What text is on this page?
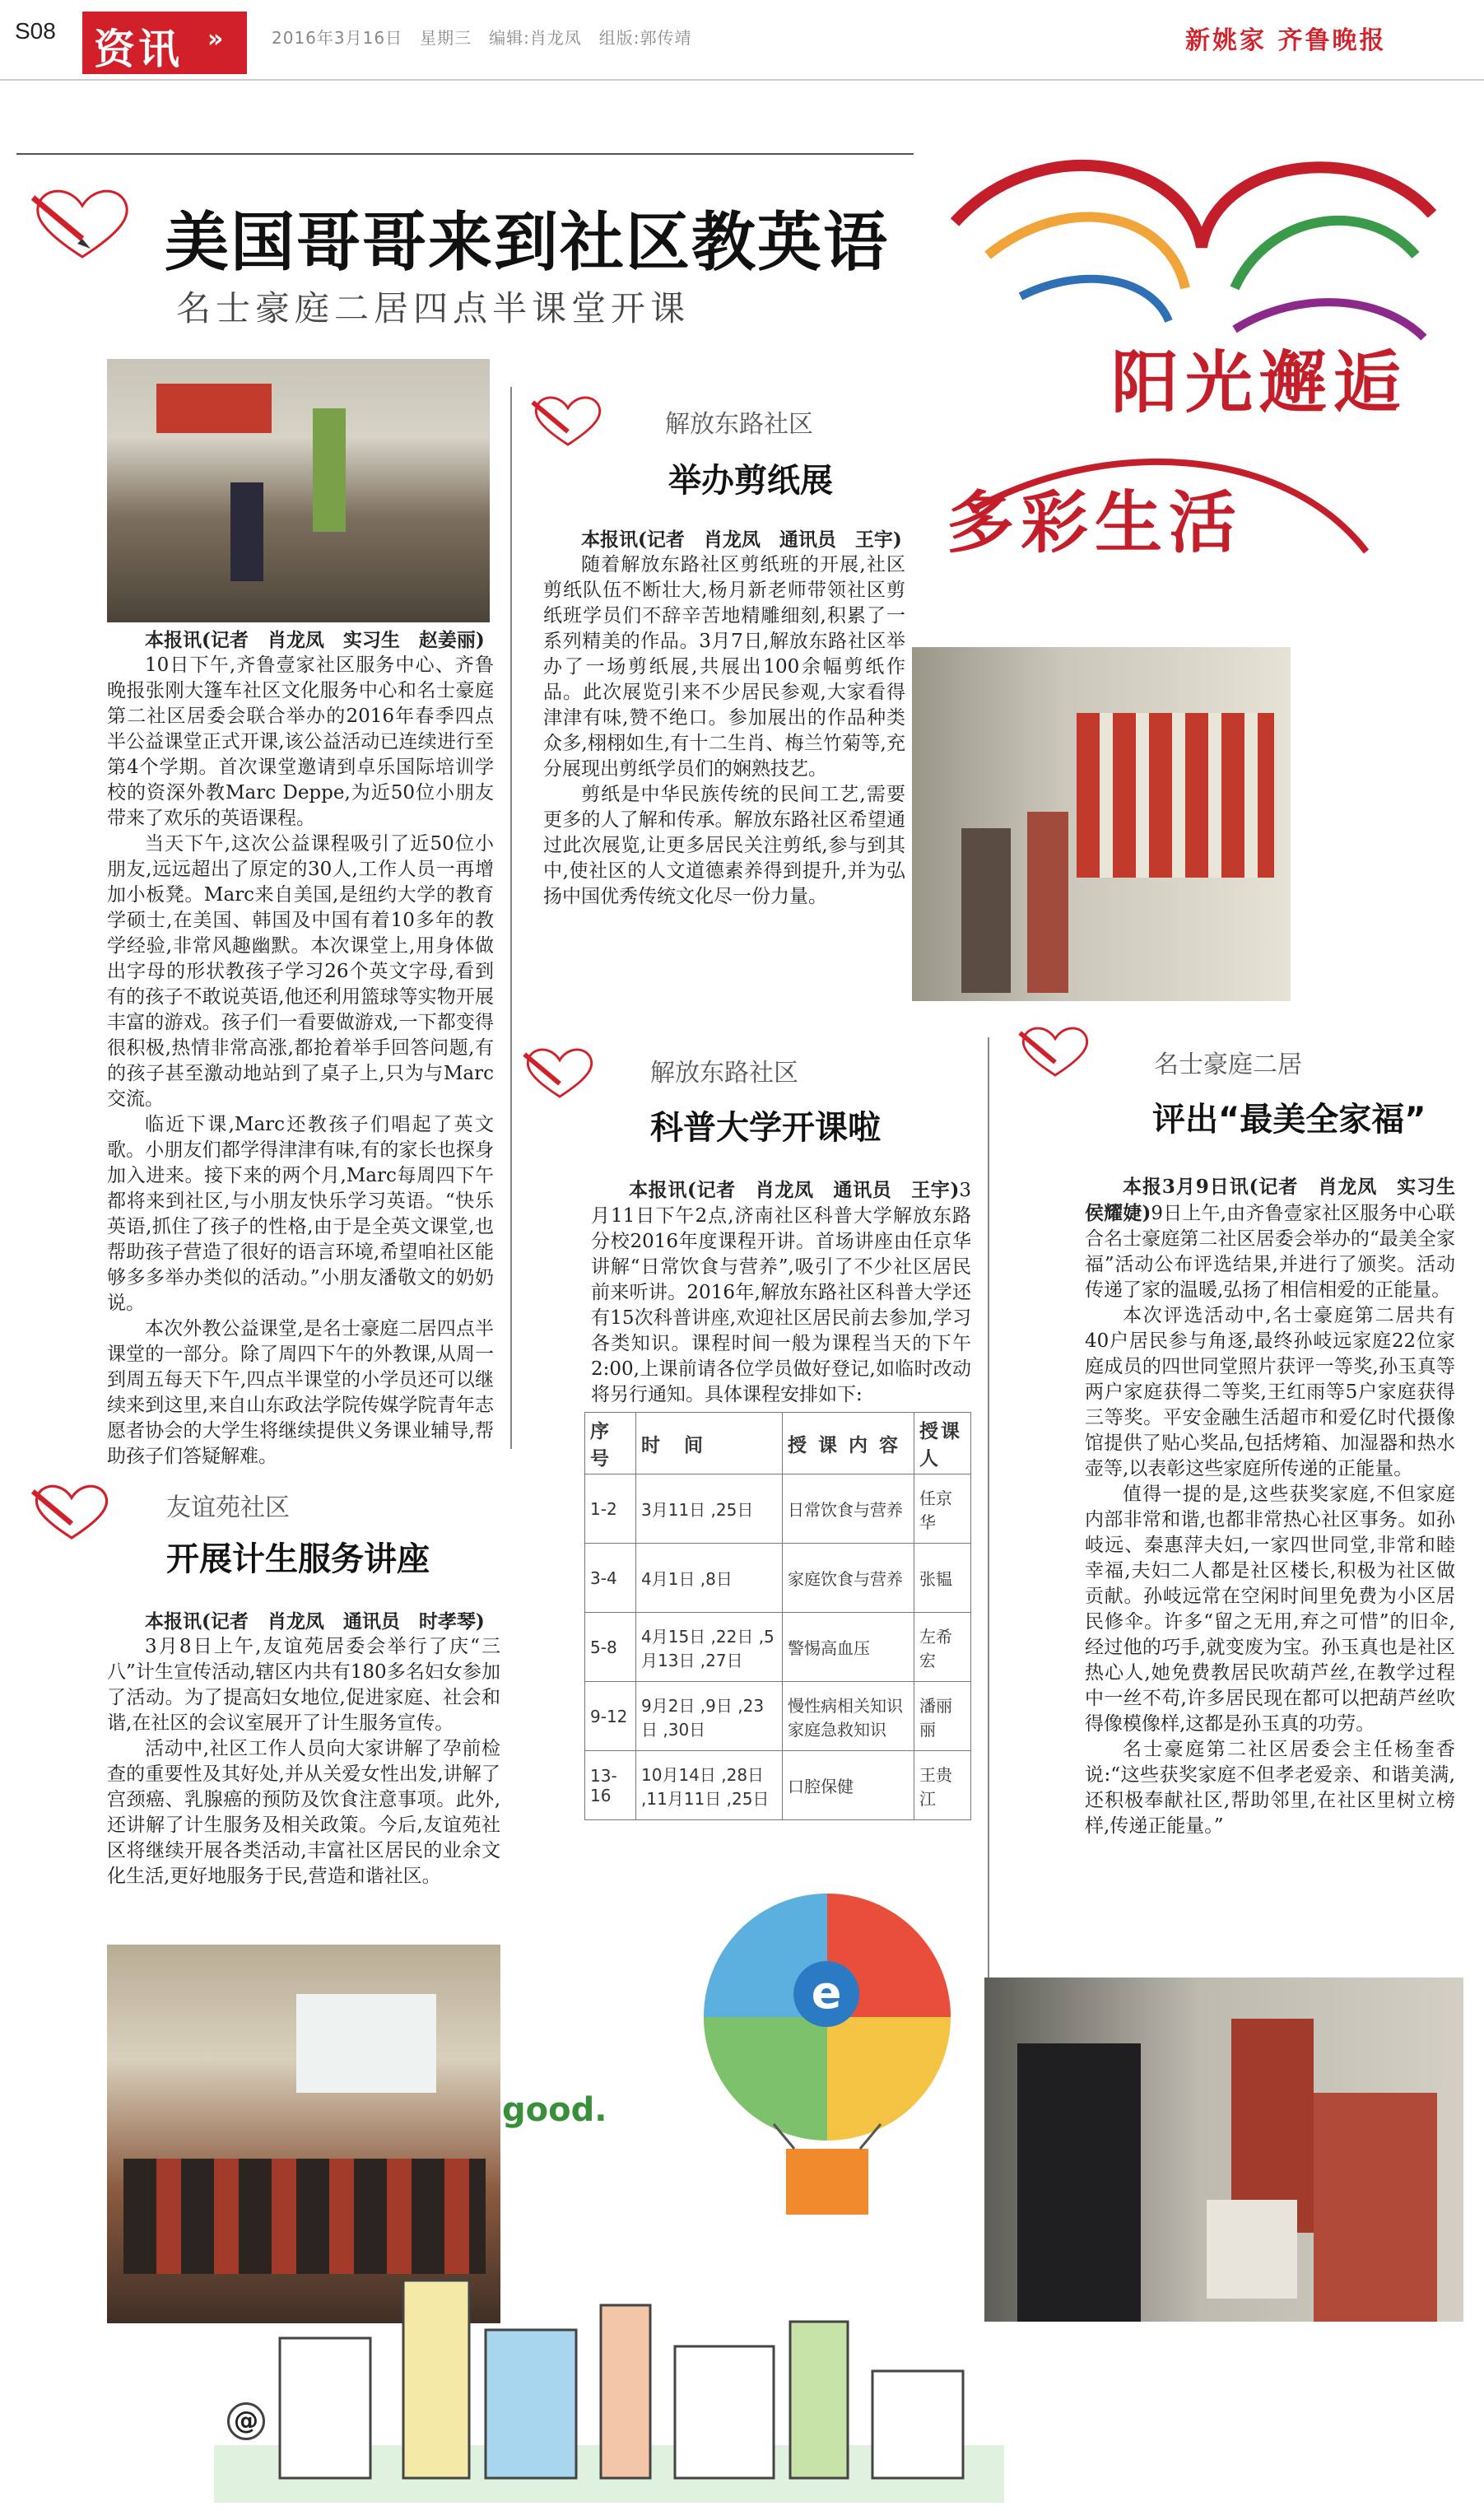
S08 资讯	»	2016年3月16日　星期三　编辑:肖龙凤　组版:郭传靖	新姚家 齐鲁晚报
美国哥哥来到社区教英语
名士豪庭二居四点半课堂开课
本报讯(记者　肖龙凤　实习生　赵姜丽)

10日下午,齐鲁壹家社区服务中心、齐鲁晚报张刚大篷车社区文化服务中心和名士豪庭第二社区居委会联合举办的2016年春季四点半公益课堂正式开课,该公益活动已连续进行至第4个学期。首次课堂邀请到卓乐国际培训学校的资深外教Marc Deppe,为近50位小朋友带来了欢乐的英语课程。

当天下午,这次公益课程吸引了近50位小朋友,远远超出了原定的30人,工作人员一再增加小板凳。Marc来自美国,是纽约大学的教育学硕士,在美国、韩国及中国有着10多年的教学经验,非常风趣幽默。本次课堂上,用身体做出字母的形状教孩子学习26个英文字母,看到有的孩子不敢说英语,他还利用篮球等实物开展丰富的游戏。孩子们一看要做游戏,一下都变得很积极,热情非常高涨,都抢着举手回答问题,有的孩子甚至激动地站到了桌子上,只为与Marc交流。

临近下课,Marc还教孩子们唱起了英文歌。小朋友们都学得津津有味,有的家长也探身加入进来。接下来的两个月,Marc每周四下午都将来到社区,与小朋友快乐学习英语。“快乐英语,抓住了孩子的性格,由于是全英文课堂,也帮助孩子营造了很好的语言环境,希望咱社区能够多多举办类似的活动。”小朋友潘敬文的奶奶说。

本次外教公益课堂,是名士豪庭二居四点半课堂的一部分。除了周四下午的外教课,从周一到周五每天下午,四点半课堂的小学员还可以继续来到这里,来自山东政法学院传媒学院青年志愿者协会的大学生将继续提供义务课业辅导,帮助孩子们答疑解难。

解放东路社区
举办剪纸展
本报讯(记者　肖龙凤　通讯员　王宇)

随着解放东路社区剪纸班的开展,社区剪纸队伍不断壮大,杨月新老师带领社区剪纸班学员们不辞辛苦地精雕细刻,积累了一系列精美的作品。3月7日,解放东路社区举办了一场剪纸展,共展出100余幅剪纸作品。此次展览引来不少居民参观,大家看得津津有味,赞不绝口。参加展出的作品种类众多,栩栩如生,有十二生肖、梅兰竹菊等,充分展现出剪纸学员们的娴熟技艺。

剪纸是中华民族传统的民间工艺,需要更多的人了解和传承。解放东路社区希望通过此次展览,让更多居民关注剪纸,参与到其中,使社区的人文道德素养得到提升,并为弘扬中国优秀传统文化尽一份力量。

阳光邂逅
多彩生活
解放东路社区
科普大学开课啦
本报讯(记者　肖龙凤　通讯员　王宇)3月11日下午2点,济南社区科普大学解放东路分校2016年度课程开讲。首场讲座由任京华讲解“日常饮食与营养”,吸引了不少社区居民前来听讲。2016年,解放东路社区科普大学还有15次科普讲座,欢迎社区居民前去参加,学习各类知识。课程时间一般为课程当天的下午2:00,上课前请各位学员做好登记,如临时改动将另行通知。具体课程安排如下:
序号	时　间	授 课 内 容	授课人
1-2	3月11日 ,25日	日常饮食与营养	任京华
3-4	4月1日 ,8日	家庭饮食与营养	张韫
5-8	4月15日 ,22日 ,5月13日 ,27日	警惕高血压	左希宏
9-12	9月2日 ,9日 ,23日 ,30日	慢性病相关知识 家庭急救知识	潘丽丽
13-16	10月14日 ,28日 ,11月11日 ,25日	口腔保健	王贵江
名士豪庭二居
评出“最美全家福”
本报3月9日讯(记者　肖龙凤　实习生　侯耀婕)9日上午,由齐鲁壹家社区服务中心联合名士豪庭第二社区居委会举办的“最美全家福”活动公布评选结果,并进行了颁奖。活动传递了家的温暖,弘扬了相信相爱的正能量。

本次评选活动中,名士豪庭第二居共有40户居民参与角逐,最终孙岐远家庭22位家庭成员的四世同堂照片获评一等奖,孙玉真等两户家庭获得二等奖,王红雨等5户家庭获得三等奖。平安金融生活超市和爱亿时代摄像馆提供了贴心奖品,包括烤箱、加湿器和热水壶等,以表彰这些家庭所传递的正能量。

值得一提的是,这些获奖家庭,不但家庭内部非常和谐,也都非常热心社区事务。如孙岐远、秦惠萍夫妇,一家四世同堂,非常和睦幸福,夫妇二人都是社区楼长,积极为社区做贡献。孙岐远常在空闲时间里免费为小区居民修伞。许多“留之无用,弃之可惜”的旧伞,经过他的巧手,就变废为宝。孙玉真也是社区热心人,她免费教居民吹葫芦丝,在教学过程中一丝不苟,许多居民现在都可以把葫芦丝吹得像模像样,这都是孙玉真的功劳。

名士豪庭第二社区居委会主任杨奎香说:“这些获奖家庭不但孝老爱亲、和谐美满,还积极奉献社区,帮助邻里,在社区里树立榜样,传递正能量。”

友谊苑社区
开展计生服务讲座
本报讯(记者　肖龙凤　通讯员　时孝琴)

3月8日上午,友谊苑居委会举行了庆“三八”计生宣传活动,辖区内共有180多名妇女参加了活动。为了提高妇女地位,促进家庭、社会和谐,在社区的会议室展开了计生服务宣传。

活动中,社区工作人员向大家讲解了孕前检查的重要性及其好处,并从关爱女性出发,讲解了宫颈癌、乳腺癌的预防及饮食注意事项。此外,还讲解了计生服务及相关政策。今后,友谊苑社区将继续开展各类活动,丰富社区居民的业余文化生活,更好地服务于民,营造和谐社区。

e
good.
@
